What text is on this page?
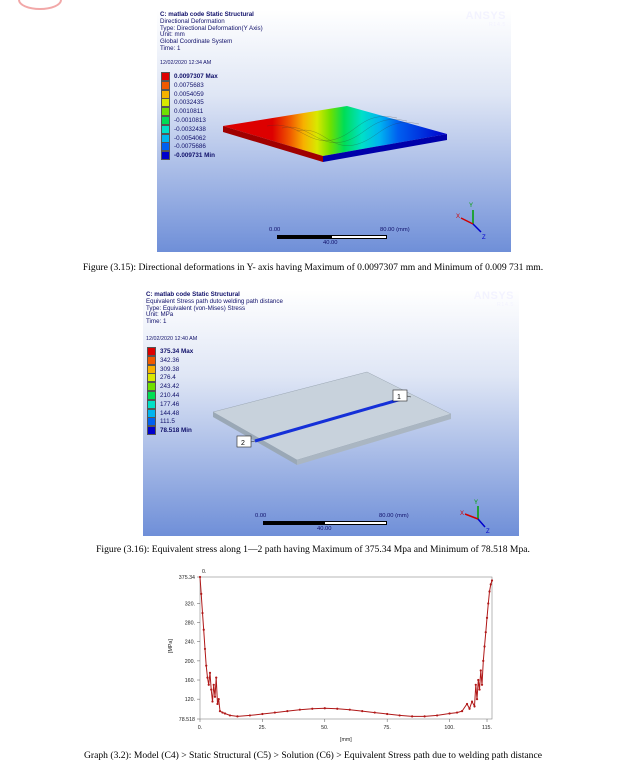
C: matlab code Static Structural
Directional Deformation
Type: Directional Deformation(Y Axis)
Unit: mm
Global Coordinate System
Time: 1
12/02/2020 12:34 AM
ANSYS
R14.5
0.0097307 Max
0.0075683
0.0054059
0.0032435
0.0010811
-0.0010813
-0.0032438
-0.0054062
-0.0075686
-0.009731 Min
Y
X
Z
0.00	80.00 (mm)
40.00
Figure (3.15): Directional deformations in Y- axis having Maximum of 0.0097307 mm and Minimum of 0.009 731 mm.
C: matlab code Static Structural
Equivalent Stress path duto welding path distance
Type: Equivalent (von-Mises) Stress
Unit: MPa
Time: 1
12/02/2020 12:40 AM
ANSYS
R14.5
375.34 Max
342.36
309.38
276.4
243.42
210.44
177.46
144.48
111.5
78.518 Min
1
2
Y
X
Z
0.00	80.00 (mm)
40.00
Figure (3.16): Equivalent stress along 1—2 path having Maximum of 375.34 Mpa and Minimum of 78.518 Mpa.
375.34
320.
280.
240.
200.
160.
120.
78.518
0.	25.	50.	75.	100.	115.
0.
[MPa]
[mm]
Graph (3.2): Model (C4) > Static Structural (C5) > Solution (C6) > Equivalent Stress path due to welding path distance
